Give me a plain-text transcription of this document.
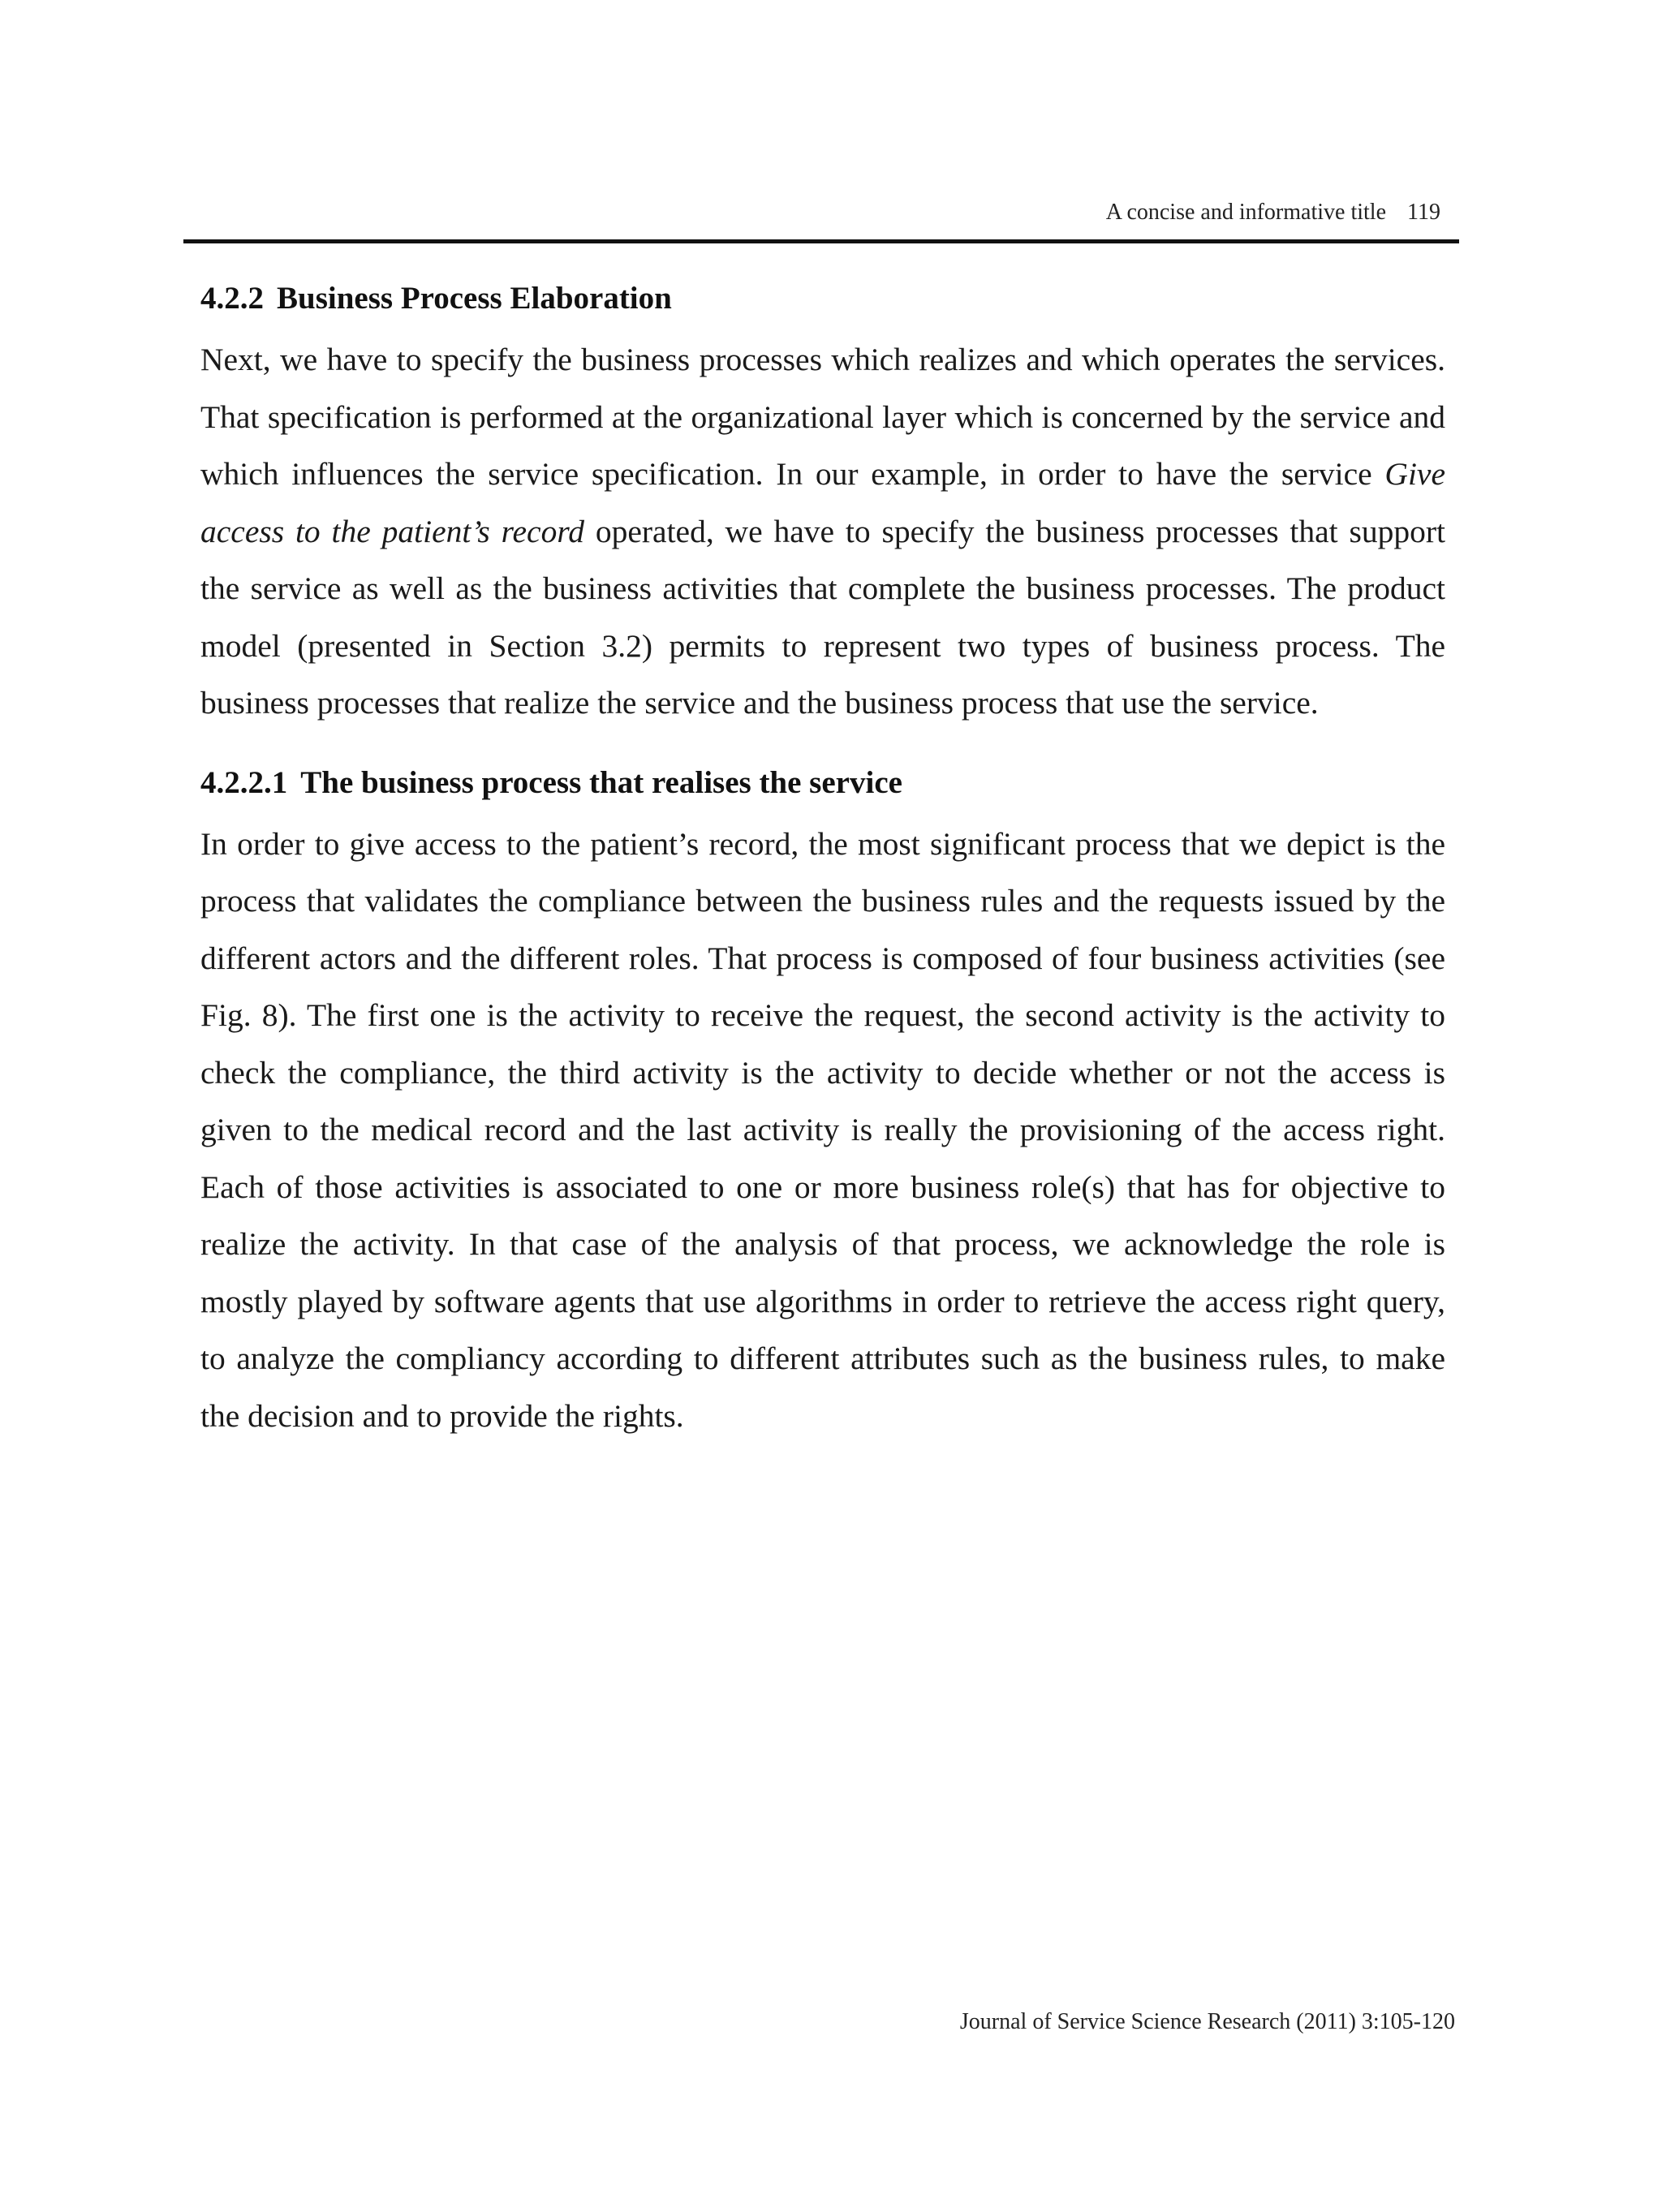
A concise and informative title 119
4.2.2 Business Process Elaboration

Next, we have to specify the business processes which realizes and which operates the services. That specification is performed at the organizational layer which is concerned by the service and which influences the service specification. In our example, in order to have the service Give access to the patient’s record operated, we have to specify the business processes that support the service as well as the business activities that complete the business processes. The product model (presented in Section 3.2) permits to represent two types of business process. The business processes that realize the service and the business process that use the service.

4.2.2.1 The business process that realises the service

In order to give access to the patient’s record, the most significant process that we depict is the process that validates the compliance between the business rules and the requests issued by the different actors and the different roles. That process is composed of four business activities (see Fig. 8). The first one is the activity to receive the request, the second activity is the activity to check the compliance, the third activity is the activity to decide whether or not the access is given to the medical record and the last activity is really the provisioning of the access right. Each of those activities is associated to one or more business role(s) that has for objective to realize the activity. In that case of the analysis of that process, we acknowledge the role is mostly played by software agents that use algorithms in order to retrieve the access right query, to analyze the compliancy according to different attributes such as the business rules, to make the decision and to provide the rights.

Journal of Service Science Research (2011) 3:105-120
